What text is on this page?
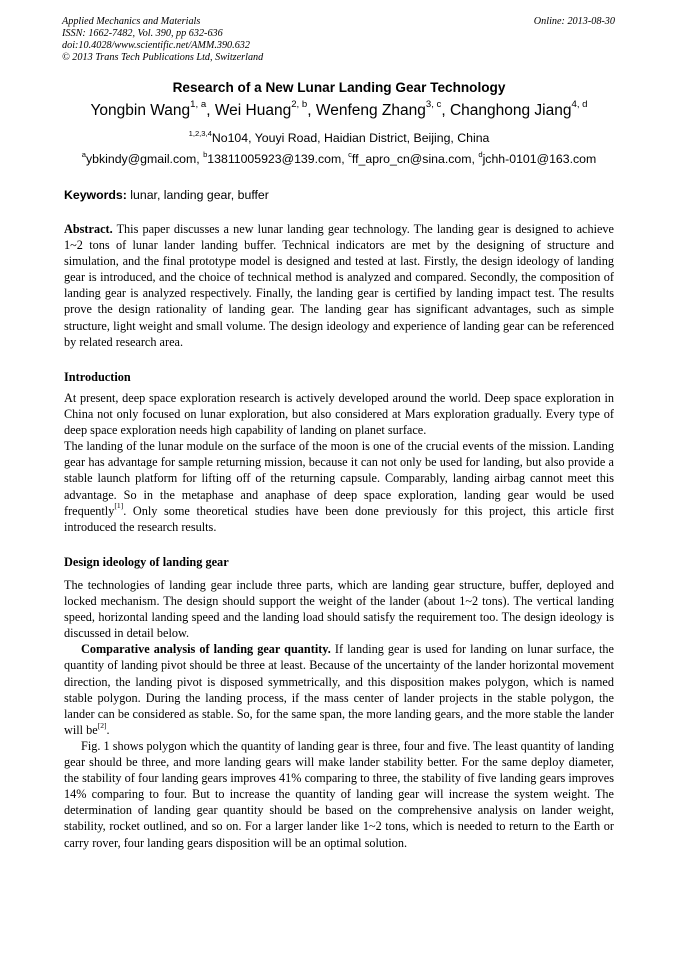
Applied Mechanics and Materials
ISSN: 1662-7482, Vol. 390, pp 632-636
doi:10.4028/www.scientific.net/AMM.390.632
© 2013 Trans Tech Publications Ltd, Switzerland
Online: 2013-08-30
Research of a New Lunar Landing Gear Technology
Yongbin Wang$^{1, a}$, Wei Huang$^{2, b}$, Wenfeng Zhang$^{3, c}$, Changhong Jiang$^{4, d}$
$^{1,2,3,4}$No104, Youyi Road, Haidian District, Beijing, China
$^a$ybkindy@gmail.com, $^b$13811005923@139.com, $^c$ff_apro_cn@sina.com, $^d$jchh-0101@163.com
Keywords: lunar, landing gear, buffer

Abstract. This paper discusses a new lunar landing gear technology. The landing gear is designed to achieve 1~2 tons of lunar lander landing buffer. Technical indicators are met by the designing of structure and simulation, and the final prototype model is designed and tested at last. Firstly, the design ideology of landing gear is introduced, and the choice of technical method is analyzed and compared. Secondly, the composition of landing gear is analyzed respectively. Finally, the landing gear is certified by landing impact test. The results prove the design rationality of landing gear. The landing gear has significant advantages, such as simple structure, light weight and small volume. The design ideology and experience of landing gear can be referenced by related research area.

Introduction

At present, deep space exploration research is actively developed around the world. Deep space exploration in China not only focused on lunar exploration, but also considered at Mars exploration gradually. Every type of deep space exploration needs high capability of landing on planet surface.

The landing of the lunar module on the surface of the moon is one of the crucial events of the mission. Landing gear has advantage for sample returning mission, because it can not only be used for landing, but also provide a stable launch platform for lifting off of the returning capsule. Comparably, landing airbag cannot meet this advantage. So in the metaphase and anaphase of deep space exploration, landing gear would be used frequently[1]. Only some theoretical studies have been done previously for this project, this article first introduced the research results.

Design ideology of landing gear

The technologies of landing gear include three parts, which are landing gear structure, buffer, deployed and locked mechanism. The design should support the weight of the lander (about 1~2 tons). The vertical landing speed, horizontal landing speed and the landing load should satisfy the requirement too. The design ideology is discussed in detail below.

Comparative analysis of landing gear quantity. If landing gear is used for landing on lunar surface, the quantity of landing pivot should be three at least. Because of the uncertainty of the lander horizontal movement direction, the landing pivot is disposed symmetrically, and this disposition makes polygon, which is named stable polygon. During the landing process, if the mass center of lander projects in the stable polygon, the lander can be considered as stable. So, for the same span, the more landing gears, and the more stable the lander will be[2].

Fig. 1 shows polygon which the quantity of landing gear is three, four and five. The least quantity of landing gear should be three, and more landing gears will make lander stability better. For the same deploy diameter, the stability of four landing gears improves 41% comparing to three, the stability of five landing gears improves 14% comparing to four. But to increase the quantity of landing gear will increase the system weight. The determination of landing gear quantity should be based on the comprehensive analysis on lander weight, stability, rocket outlined, and so on. For a larger lander like 1~2 tons, which is needed to return to the Earth or carry rover, four landing gears disposition will be an optimal solution.
